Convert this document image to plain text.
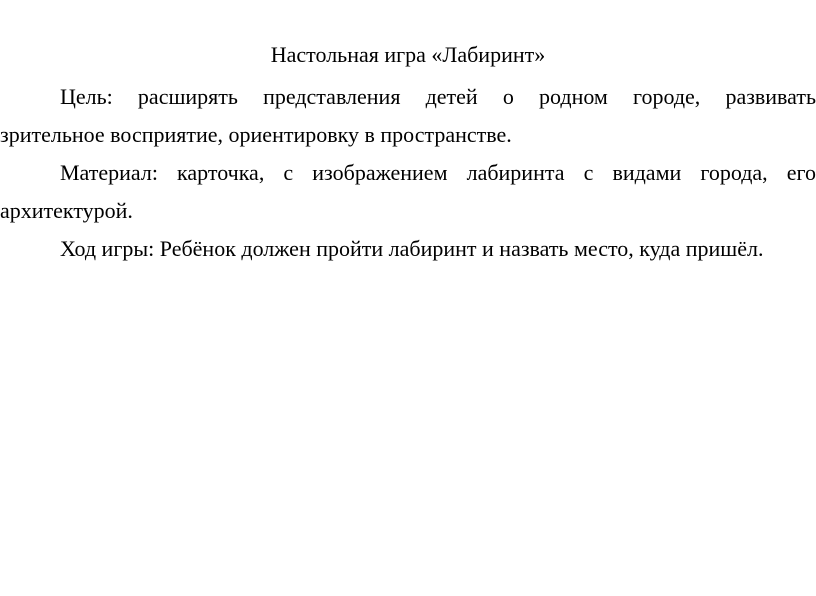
Настольная игра «Лабиринт»
Цель: расширять представления детей о родном городе, развивать
зрительное восприятие, ориентировку в пространстве.
Материал: карточка, с изображением лабиринта с видами города, его
архитектурой.
Ход игры: Ребёнок должен пройти лабиринт и назвать место, куда пришёл.
